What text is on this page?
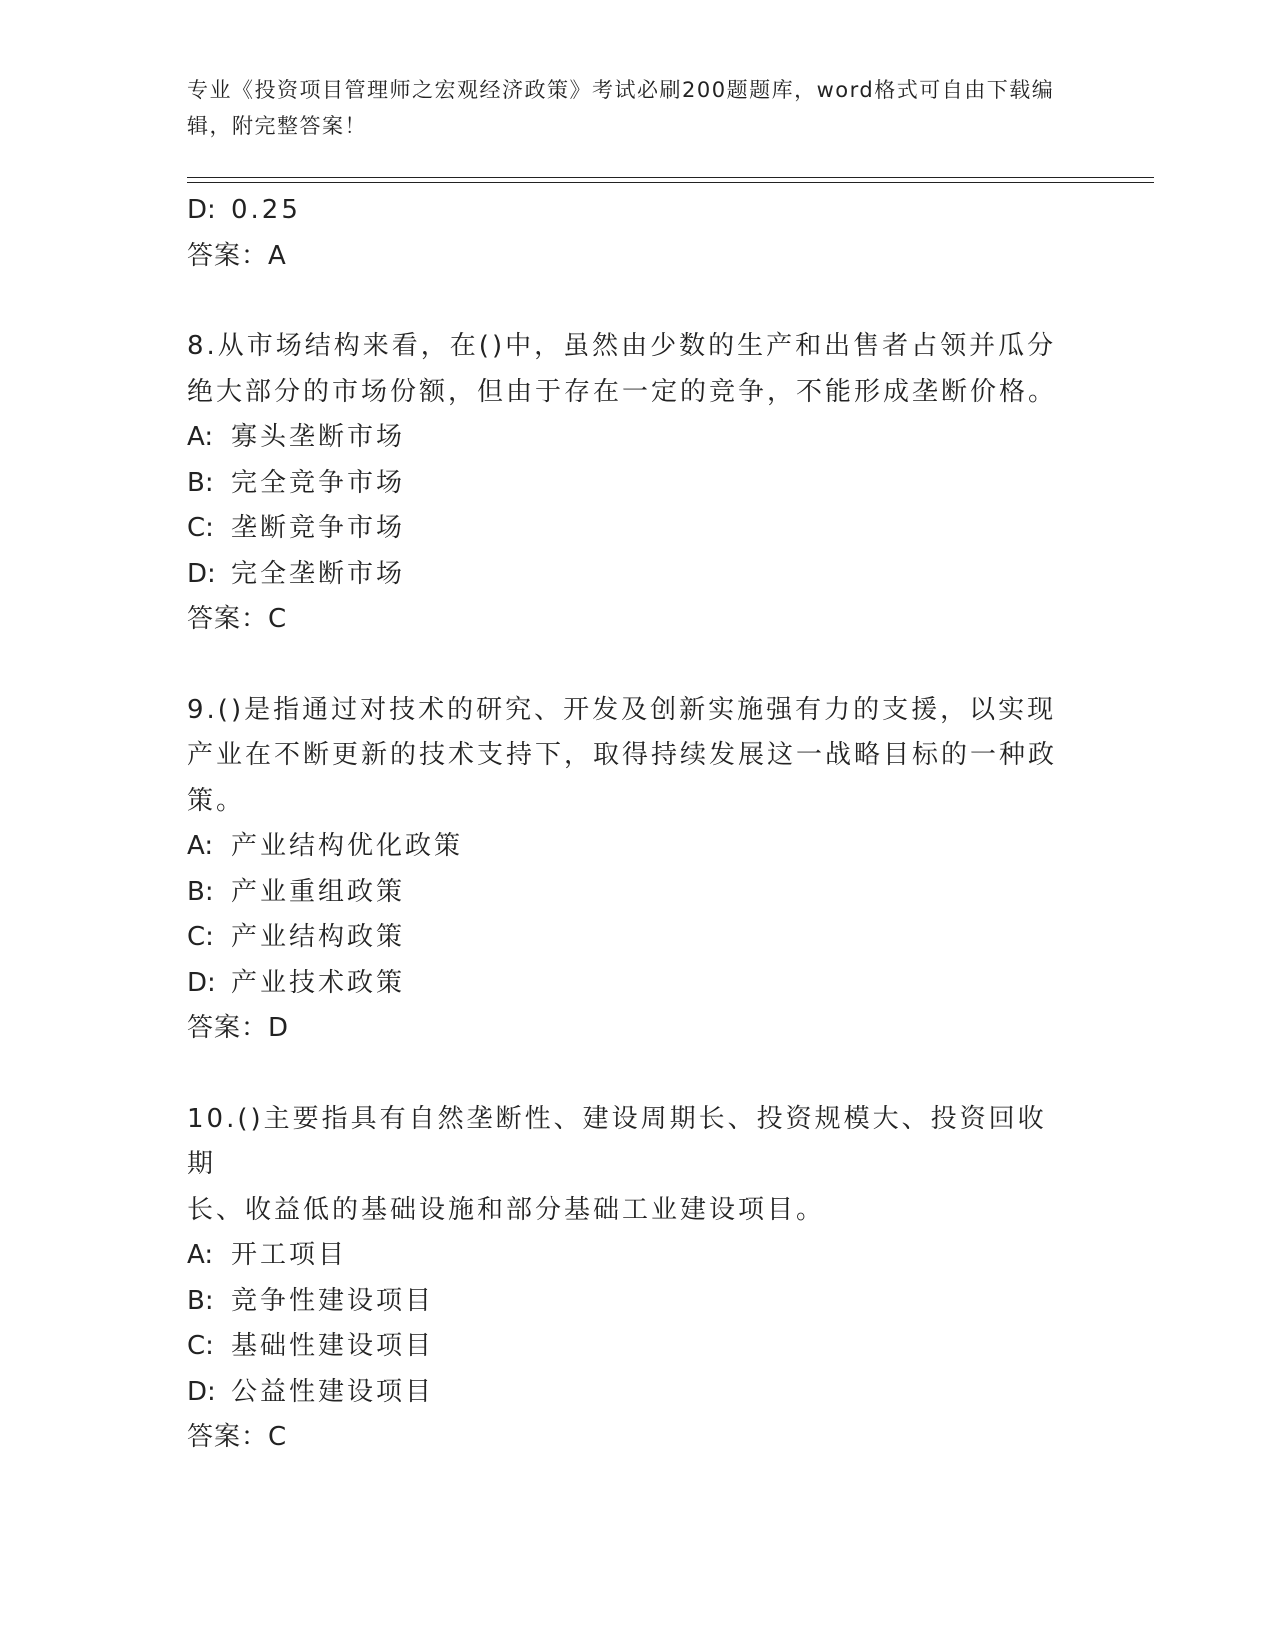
专业《投资项目管理师之宏观经济政策》考试必刷200题题库，word格式可自由下载编辑，附完整答案！

D: 0.25

答案：A

8.从市场结构来看，在()中，虽然由少数的生产和出售者占领并瓜分

绝大部分的市场份额，但由于存在一定的竞争，不能形成垄断价格。

A: 寡头垄断市场

B: 完全竞争市场

C: 垄断竞争市场

D: 完全垄断市场

答案：C

9.()是指通过对技术的研究、开发及创新实施强有力的支援，以实现

产业在不断更新的技术支持下，取得持续发展这一战略目标的一种政

策。

A: 产业结构优化政策

B: 产业重组政策

C: 产业结构政策

D: 产业技术政策

答案：D

10.()主要指具有自然垄断性、建设周期长、投资规模大、投资回收期

长、收益低的基础设施和部分基础工业建设项目。

A: 开工项目

B: 竞争性建设项目

C: 基础性建设项目

D: 公益性建设项目

答案：C
